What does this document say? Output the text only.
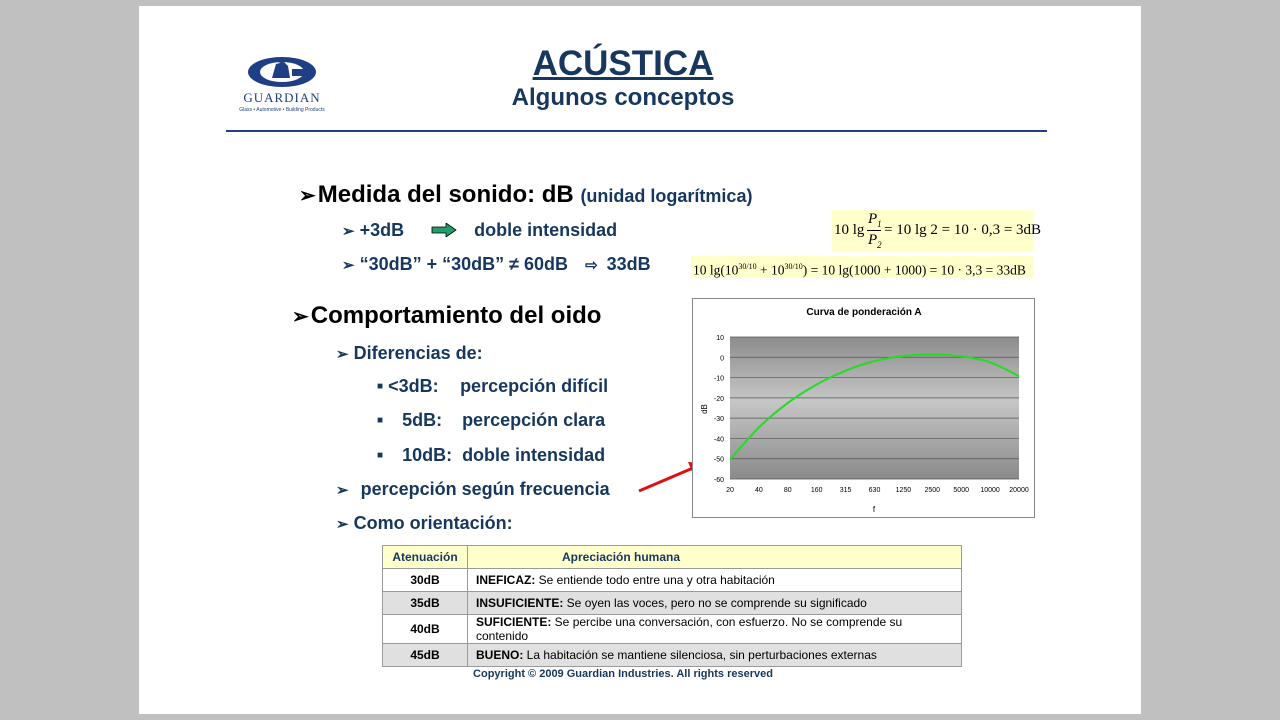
GUARDIAN
Glass • Automotive • Building Products
ACÚSTICA
Algunos conceptos
➢Medida del sonido: dB (unidad logarítmica)
➢ +3dB	doble intensidad
➢ “30dB” + “30dB” ≠ 60dB ⇨ 33dB
10 lg
$P_1$
$P_2$
= 10 lg 2 = 10 · 0,3 = 3dB
10 $\lg(10^{30/10} + 10^{30/10}) = 10$ lg(1000 + 1000) = 10 · 3,3 = 33dB
➢Comportamiento del oido
➢ Diferencias de:
■ <3dB: percepción difícil
■ 5dB: percepción clara
■ 10dB: doble intensidad
➢ percepción según frecuencia
➢ Como orientación:
Curva de ponderación A
10
0
-10
-20
-30
-40
-50
-60
20	40	80	160 315 630 1250 2500 5000 10000 20000
dB
f
Atenuación	Apreciación humana
30dB	INEFICAZ: Se entiende todo entre una y otra habitación
35dB	INSUFICIENTE: Se oyen las voces, pero no se comprende su significado
40dB	SUFICIENTE: Se percibe una conversación, con esfuerzo. No se comprende su contenido
45dB	BUENO: La habitación se mantiene silenciosa, sin perturbaciones externas
Copyright © 2009 Guardian Industries. All rights reserved
